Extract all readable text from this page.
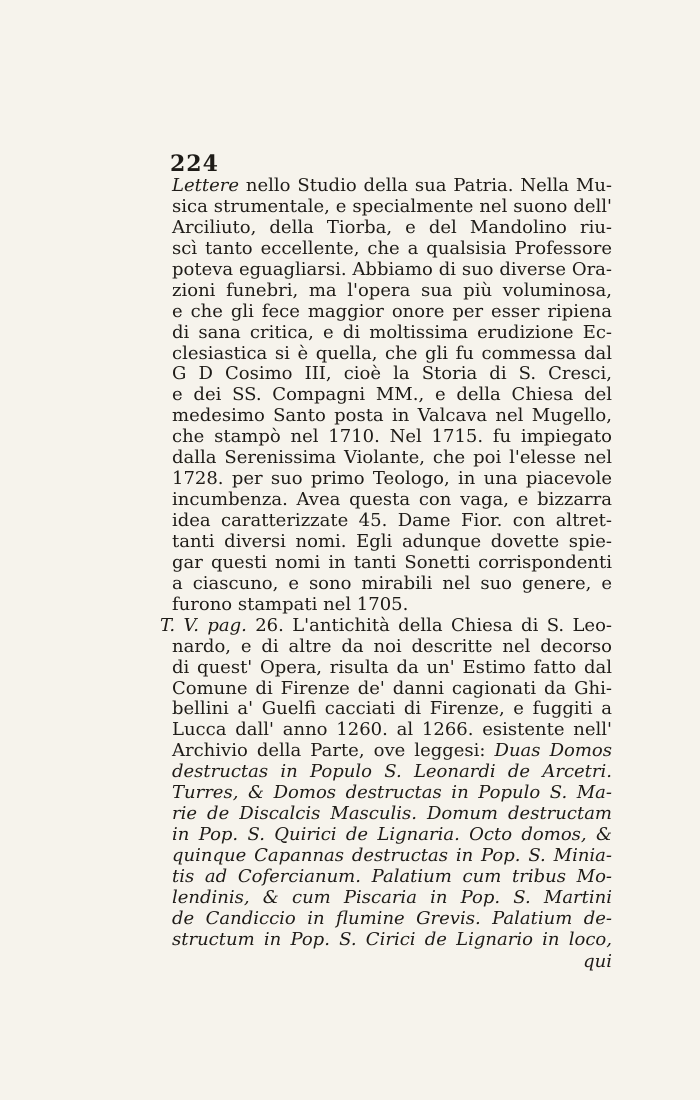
224
Lettere nello Studio della sua Patria. Nella Mu-
sica strumentale, e specialmente nel suono dell'
Arciliuto, della Tiorba, e del Mandolino riu-
scì tanto eccellente, che a qualsisia Professore
poteva eguagliarsi. Abbiamo di suo diverse Ora-
zioni funebri, ma l'opera sua più voluminosa,
e che gli fece maggior onore per esser ripiena
di sana critica, e di moltissima erudizione Ec-
clesiastica si è quella, che gli fu commessa dal
G D Cosimo III, cioè la Storia di S. Cresci,
e dei SS. Compagni MM., e della Chiesa del
medesimo Santo posta in Valcava nel Mugello,
che stampò nel 1710. Nel 1715. fu impiegato
dalla Serenissima Violante, che poi l'elesse nel
1728. per suo primo Teologo, in una piacevole
incumbenza. Avea questa con vaga, e bizzarra
idea caratterizzate 45. Dame Fior. con altret-
tanti diversi nomi. Egli adunque dovette spie-
gar questi nomi in tanti Sonetti corrispondenti
a ciascuno, e sono mirabili nel suo genere, e
furono stampati nel 1705.
T. V. pag. 26. L'antichità della Chiesa di S. Leo-
nardo, e di altre da noi descritte nel decorso
di quest' Opera, risulta da un' Estimo fatto dal
Comune di Firenze de' danni cagionati da Ghi-
bellini a' Guelfi cacciati di Firenze, e fuggiti a
Lucca dall' anno 1260. al 1266. esistente nell'
Archivio della Parte, ove leggesi: Duas Domos
destructas in Populo S. Leonardi de Arcetri.
Turres, & Domos destructas in Populo S. Ma-
rie de Discalcis Masculis. Domum destructam
in Pop. S. Quirici de Lignaria. Octo domos, &
quinque Capannas destructas in Pop. S. Minia-
tis ad Cofercianum. Palatium cum tribus Mo-
lendinis, & cum Piscaria in Pop. S. Martini
de Candiccio in flumine Grevis. Palatium de-
structum in Pop. S. Cirici de Lignario in loco,
qui
